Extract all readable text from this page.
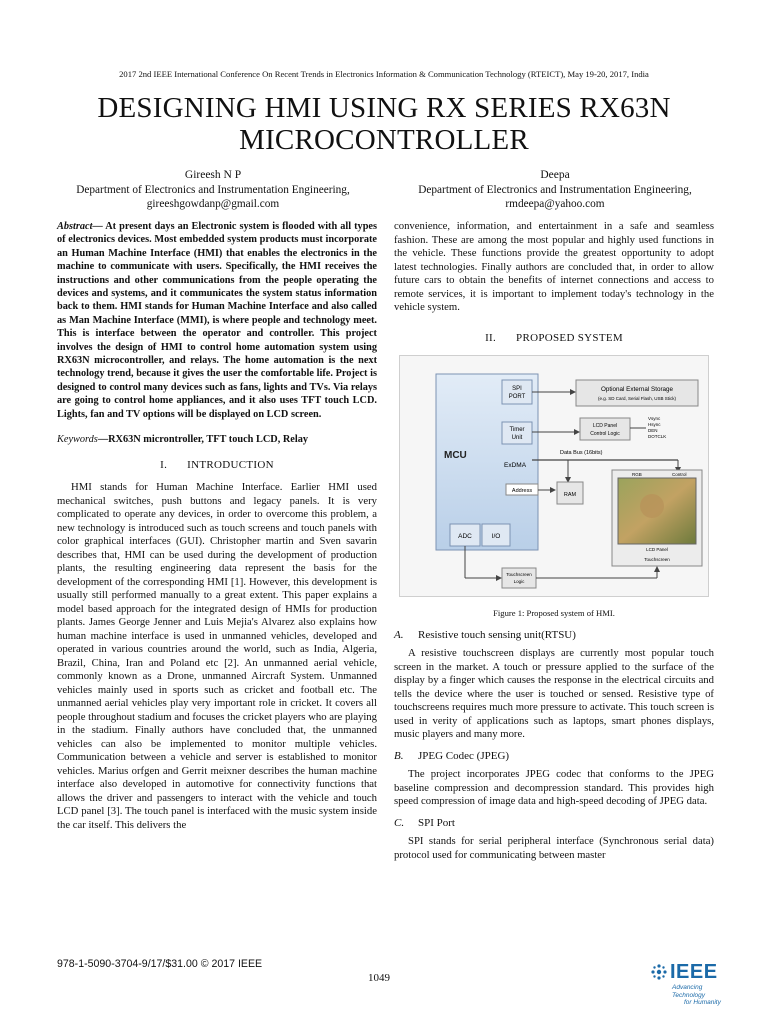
2017 2nd IEEE International Conference On Recent Trends in Electronics Information & Communication Technology (RTEICT), May 19-20, 2017, India
DESIGNING HMI USING RX SERIES RX63N
MICROCONTROLLER
Gireesh N P
Department of Electronics and Instrumentation Engineering,
gireeshgowdanp@gmail.com
Deepa
Department of Electronics and Instrumentation Engineering,
rmdeepa@yahoo.com
Abstract— At present days an Electronic system is flooded with all types of electronics devices. Most embedded system products must incorporate an Human Machine Interface (HMI) that enables the electronics in the machine to communicate with users. Specifically, the HMI receives the instructions and other communications from the people operating the devices and systems, and it communicates the system status information back to them. HMI stands for Human Machine Interface and also called as Man Machine Interface (MMI), is where people and technology meet. This is interface between the operator and controller. This project involves the design of HMI to control home automation system using RX63N microcontroller, and relays. The home automation is the next technology trend, because it gives the user the comfortable life. Project is designed to control many devices such as fans, lights and TVs. Via relays are going to control home appliances, and it also uses TFT touch LCD. Lights, fan and TV options will be displayed on LCD screen.
Keywords—RX63N microntroller, TFT touch LCD, Relay
I. INTRODUCTION

HMI stands for Human Machine Interface. Earlier HMI used mechanical switches, push buttons and legacy panels. It is very complicated to operate any devices, in order to overcome this problem, a new technology is introduced such as touch screens and touch panels with color graphical interfaces (GUI). Christopher martin and Sven savarin describes that, HMI can be used during the development of production plants, the resulting engineering data represent the basis for the development of the corresponding HMI [1]. However, this development is usually still performed manually to a great extent. This paper explains a model based approach for the integrated design of HMIs for production plants. James George Jenner and Luis Mejia's Alvarez also explains how human machine interface is used in unmanned vehicles, developed and operated in various countries around the world, such as India, Algeria, Brazil, China, Iran and Poland etc [2]. An unmanned aerial vehicle, commonly known as a Drone, unmanned Aircraft System. Unmanned vehicles mainly used in sports such as cricket and football etc. The unmanned aerial vehicles play very important role in cricket. It covers all people throughout stadium and focuses the cricket players who are playing in the stadium. Finally authors have concluded that, the unmanned vehicles can also be implemented to monitor multiple vehicles. Communication between a vehicle and server is established to monitor vehicles. Marius orfgen and Gerrit meixner describes the human machine interface also developed in automotive for connectivity functions that allows the driver and passengers to interact with the vehicle and touch LCD panel [3]. The touch panel is interfaced with the music system inside the car itself. This delivers the

convenience, information, and entertainment in a safe and seamless fashion. These are among the most popular and highly used functions in the vehicle. These functions provide the greatest opportunity to adopt latest technologies. Finally authors are concluded that, in order to allow future cars to obtain the benefits of internet connections and access to remote services, it is important to implement today's technology in the vehicle system.
II. PROPOSED SYSTEM
MCU
SPI
PORT
Timer
Unit
ExDMA
ADC	I/O
Optional External Storage
(e.g. SD Card, Serial Flash, USB Stick)
LCD Panel
Control Logic
Vsync
Hsync
DEN
DOTCLK
Data Bus (16bits)
Address
RAM
RGB	Control
LCD Panel
Touchscreen
Touchscreen
Logic
Figure 1: Proposed system of HMI.
A. Resistive touch sensing unit(RTSU)

A resistive touchscreen displays are currently most popular touch screen in the market. A touch or pressure applied to the surface of the display by a finger which causes the response in the electrical circuits and tells the device where the user is touched or sensed. Resistive type of touchscreens requires much more pressure to activate. This touch screen is used in verity of applications such as laptops, smart phones displays, music players and many more.

B. JPEG Codec (JPEG)

The project incorporates JPEG codec that conforms to the JPEG baseline compression and decompression standard. This provides high speed compression of image data and high-speed decoding of JPEG data.

C. SPI Port

SPI stands for serial peripheral interface (Synchronous serial data) protocol used for communicating between master

978-1-5090-3704-9/17/$31.00 © 2017 IEEE
1049	IEEE
Advancing Technology
for Humanity
